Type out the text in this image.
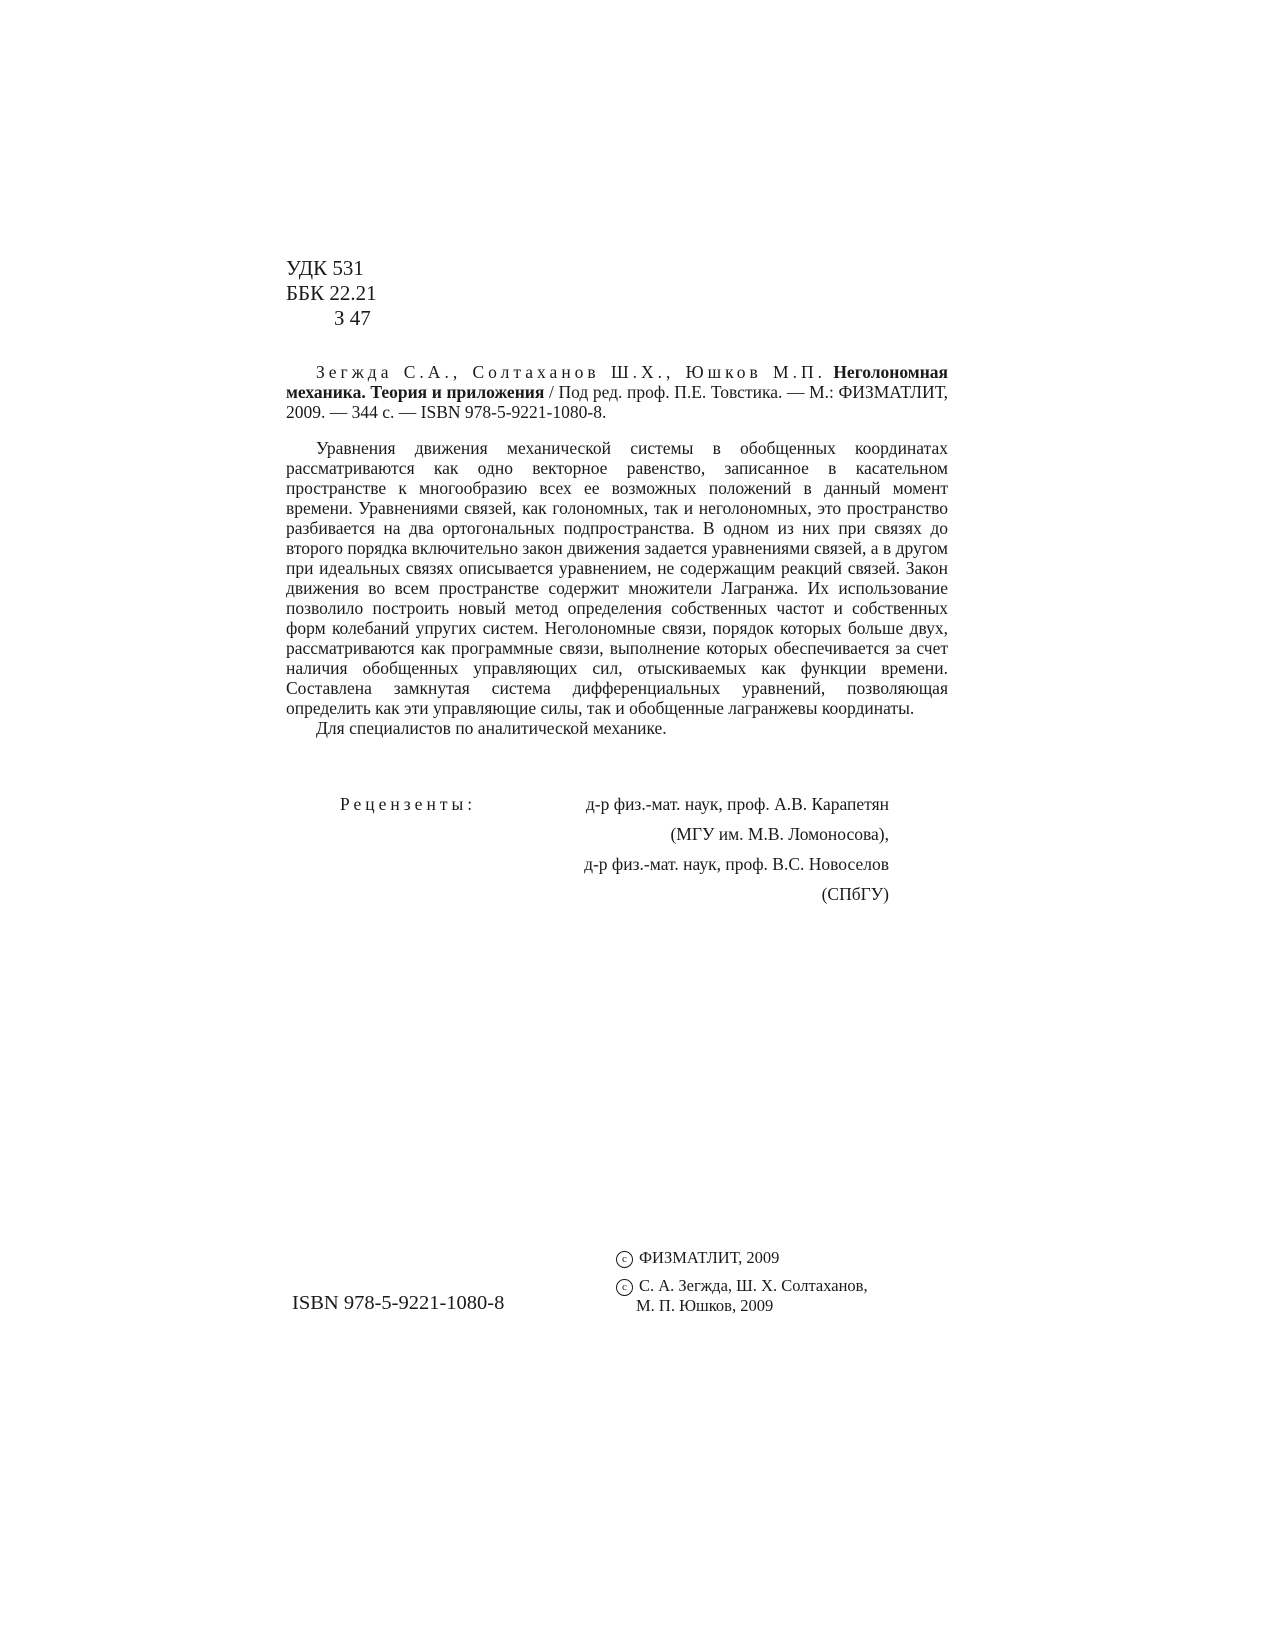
УДК 531
ББК 22.21
З 47
Зегжда С.А., Солтаханов Ш.Х., Юшков М.П. Неголономная механика. Теория и приложения / Под ред. проф. П.Е. Товстика. — М.: ФИЗМАТЛИТ, 2009. — 344 с. — ISBN 978-5-9221-1080-8.

Уравнения движения механической системы в обобщенных координатах рассматриваются как одно векторное равенство, записанное в касательном пространстве к многообразию всех ее возможных положений в данный момент времени. Уравнениями связей, как голономных, так и неголономных, это пространство разбивается на два ортогональных подпространства. В одном из них при связях до второго порядка включительно закон движения задается уравнениями связей, а в другом при идеальных связях описывается уравнением, не содержащим реакций связей. Закон движения во всем пространстве содержит множители Лагранжа. Их использование позволило построить новый метод определения собственных частот и собственных форм колебаний упругих систем. Неголономные связи, порядок которых больше двух, рассматриваются как программные связи, выполнение которых обеспечивается за счет наличия обобщенных управляющих сил, отыскиваемых как функции времени. Составлена замкнутая система дифференциальных уравнений, позволяющая определить как эти управляющие силы, так и обобщенные лагранжевы координаты.

Для специалистов по аналитической механике.

Рецензенты:	д-р физ.-мат. наук, проф. А.В. Карапетян
(МГУ им. М.В. Ломоносова),
д-р физ.-мат. наук, проф. В.С. Новоселов
(СПбГУ)
ISBN 978-5-9221-1080-8
c ФИЗМАТЛИТ, 2009
c С. А. Зегжда, Ш. Х. Солтаханов,
М. П. Юшков, 2009
